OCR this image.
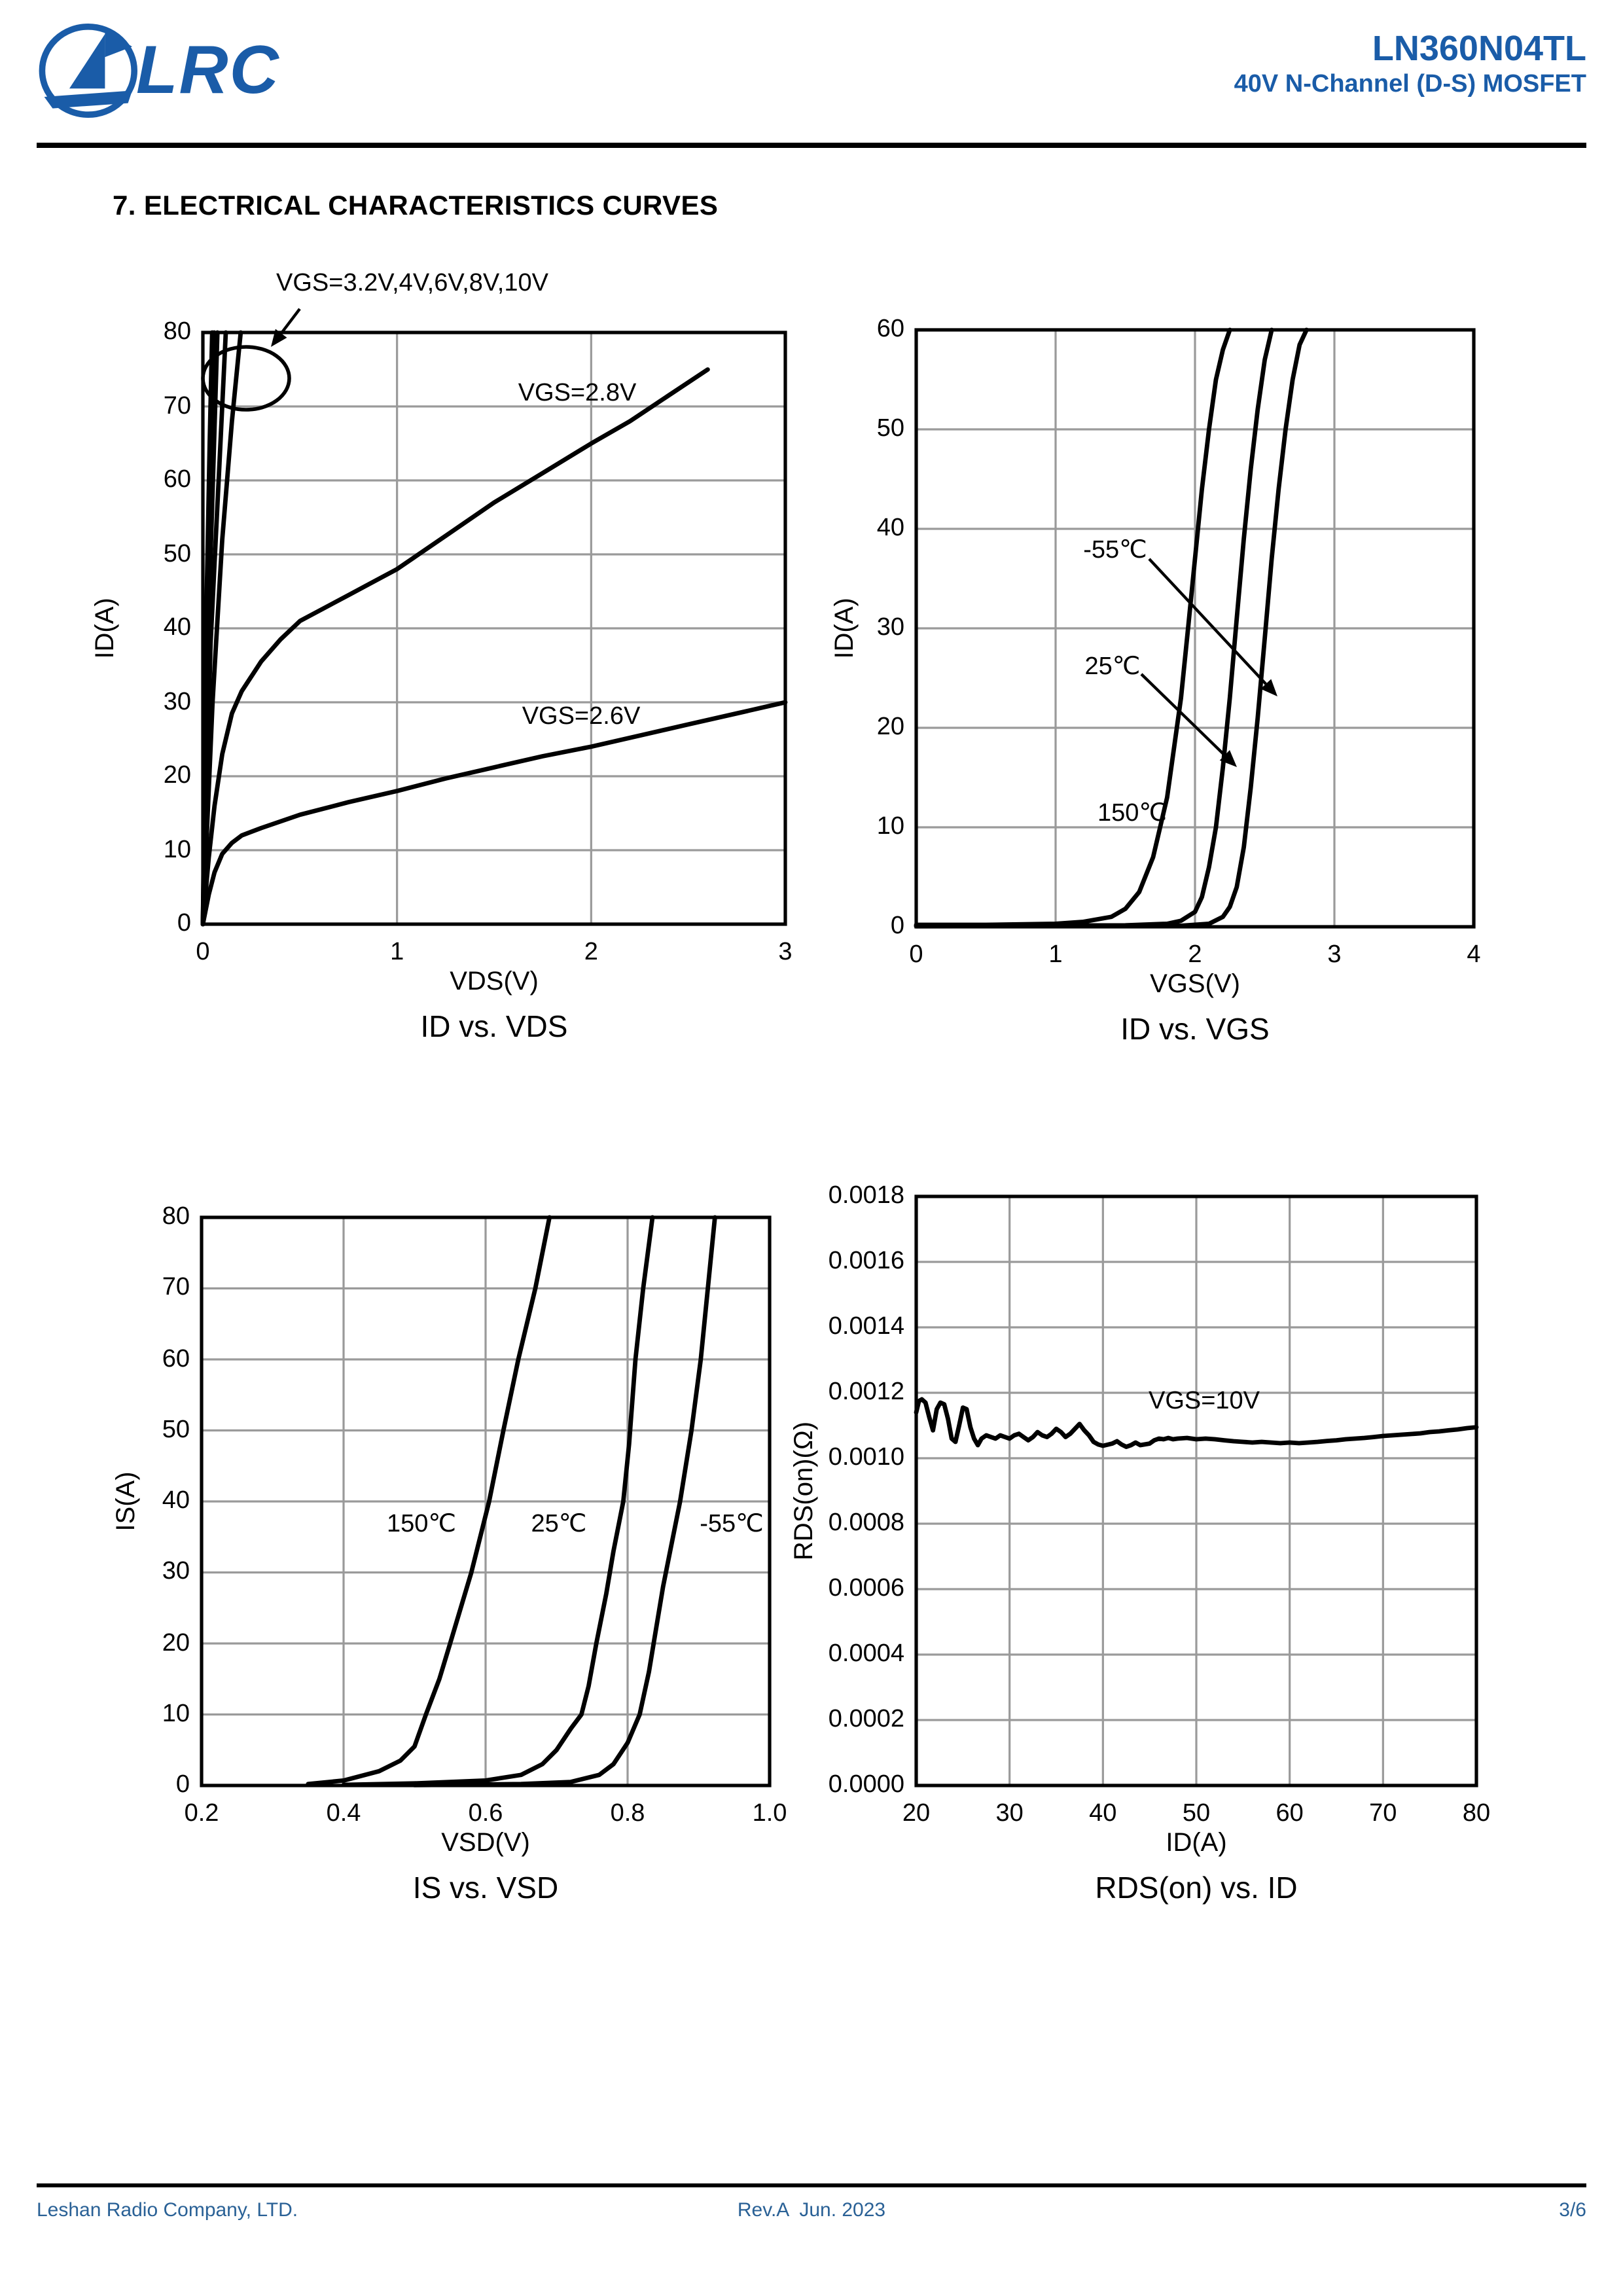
LRC	LN360N04TL
40V N-Channel (D-S) MOSFET
7. ELECTRICAL CHARACTERISTICS CURVES
ID(A)
VDS(V)
ID vs. VDS
VGS=3.2V,4V,6V,8V,10V
VGS=2.8V
VGS=2.6V
0	1	2	3
0
10
20
30
40
50
60
70
80
ID(A)
VGS(V)
ID vs. VGS
-55℃
25℃
150℃
0	1	2	3	4
0
10
20
30
40
50
60
IS(A)
VSD(V)
IS vs. VSD
150℃	25℃	-55℃
0.2	0.4	0.6	0.8	1.0
0
10
20
30
40
50
60
70
80
RDS(on)(Ω)
ID(A)
RDS(on) vs. ID
VGS=10V
20	30	40	50	60	70	80
0.0000
0.0002
0.0004
0.0006
0.0008
0.0010
0.0012
0.0014
0.0016
0.0018
Leshan Radio Company, LTD.	Rev.A  Jun. 2023	3/6
